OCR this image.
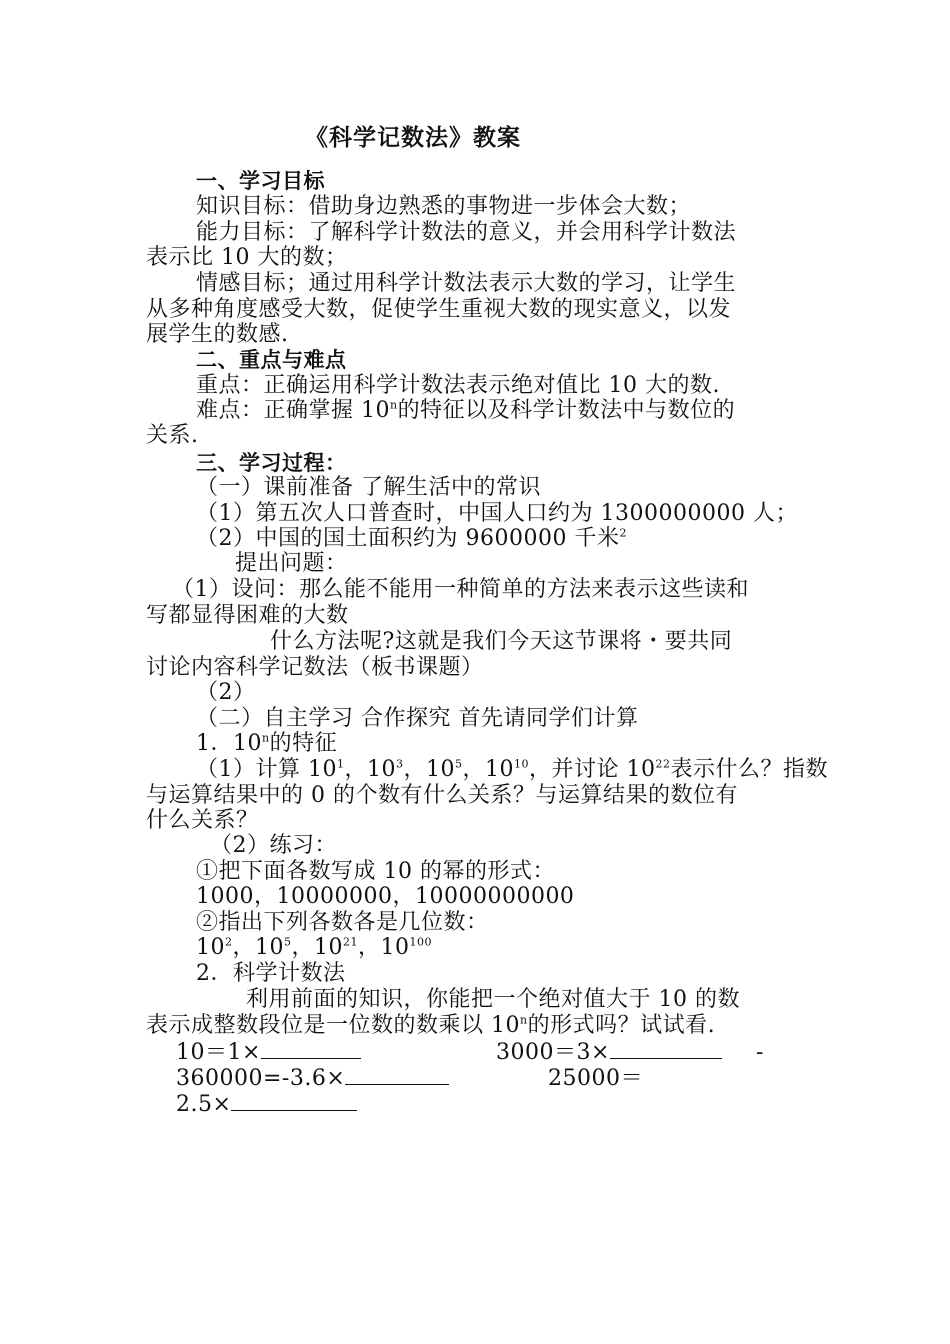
《科学记数法》教案
一、学习目标
知识目标：借助身边熟悉的事物进一步体会大数；
能力目标：了解科学计数法的意义，并会用科学计数法
表示比 10 大的数；
情感目标；通过用科学计数法表示大数的学习，让学生
从多种角度感受大数，促使学生重视大数的现实意义，以发
展学生的数感.
二、重点与难点
重点：正确运用科学计数法表示绝对值比 10 大的数.
难点：正确掌握 10$^n$的特征以及科学计数法中与数位的
关系.
三、学习过程：
（一）课前准备 了解生活中的常识
（1）第五次人口普查时，中国人口约为 1300000000 人；
（2）中国的国土面积约为 9600000 千米$^2$
提出问题：
（1）设问：那么能不能用一种简单的方法来表示这些读和
写都显得困难的大数
什么方法呢?这就是我们今天这节课将・要共同
讨论内容科学记数法（板书课题）
（2）
（二）自主学习 合作探究 首先请同学们计算
1．10$^n$的特征
（1）计算 $10^1$，$10^3$，$10^5$，$10^{10}$，并讨论 $10^{22}$表示什么？指数
与运算结果中的 0 的个数有什么关系？与运算结果的数位有
什么关系？
（2）练习：
①把下面各数写成 10 的幂的形式：
1000，10000000，10000000000
②指出下列各数各是几位数：
$10^2$，$10^5$，$10^{21}$，$10^{100}$
2．科学计数法
利用前面的知识，你能把一个绝对值大于 10 的数
表示成整数段位是一位数的数乘以 10$^n$的形式吗？试试看.
10＝1×	3000＝3×	-
360000=-3.6×	25000＝
2.5×
